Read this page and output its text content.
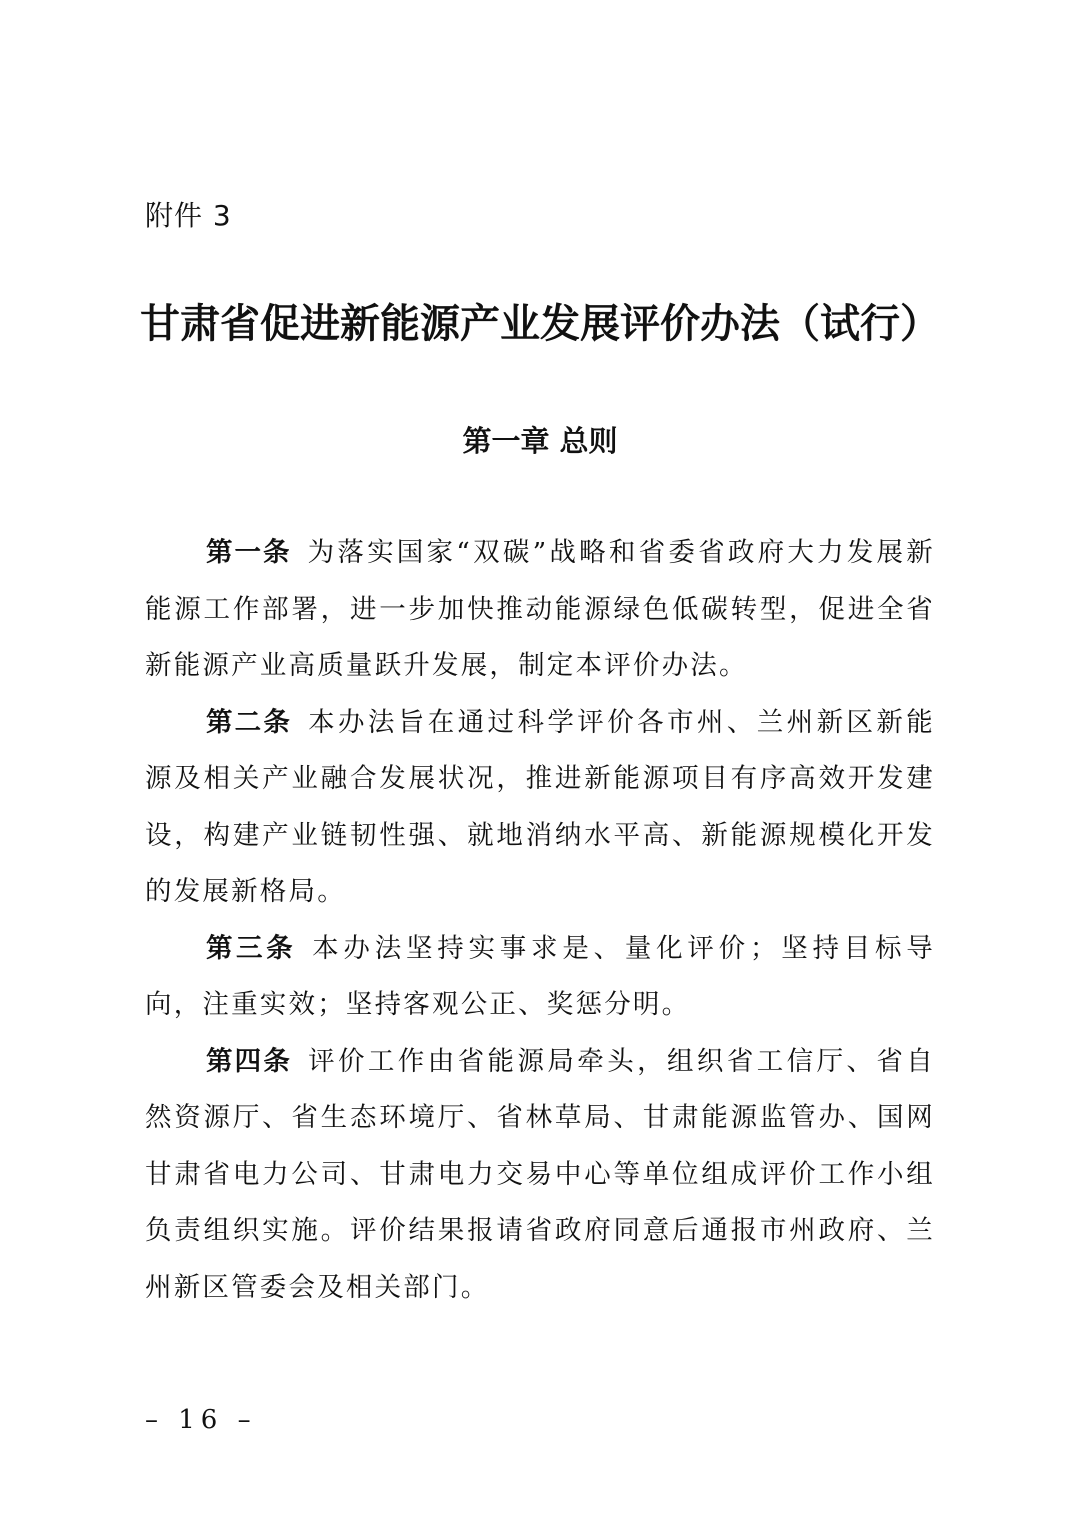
附件 3
甘肃省促进新能源产业发展评价办法（试行）
第一章 总则

第一条 为落实国家“双碳”战略和省委省政府大力发展新能源工作部署，进一步加快推动能源绿色低碳转型，促进全省新能源产业高质量跃升发展，制定本评价办法。

第二条 本办法旨在通过科学评价各市州、兰州新区新能源及相关产业融合发展状况，推进新能源项目有序高效开发建设，构建产业链韧性强、就地消纳水平高、新能源规模化开发的发展新格局。

第三条 本办法坚持实事求是、量化评价；坚持目标导向，注重实效；坚持客观公正、奖惩分明。

第四条 评价工作由省能源局牵头，组织省工信厅、省自然资源厅、省生态环境厅、省林草局、甘肃能源监管办、国网甘肃省电力公司、甘肃电力交易中心等单位组成评价工作小组负责组织实施。评价结果报请省政府同意后通报市州政府、兰州新区管委会及相关部门。

– 16 –
